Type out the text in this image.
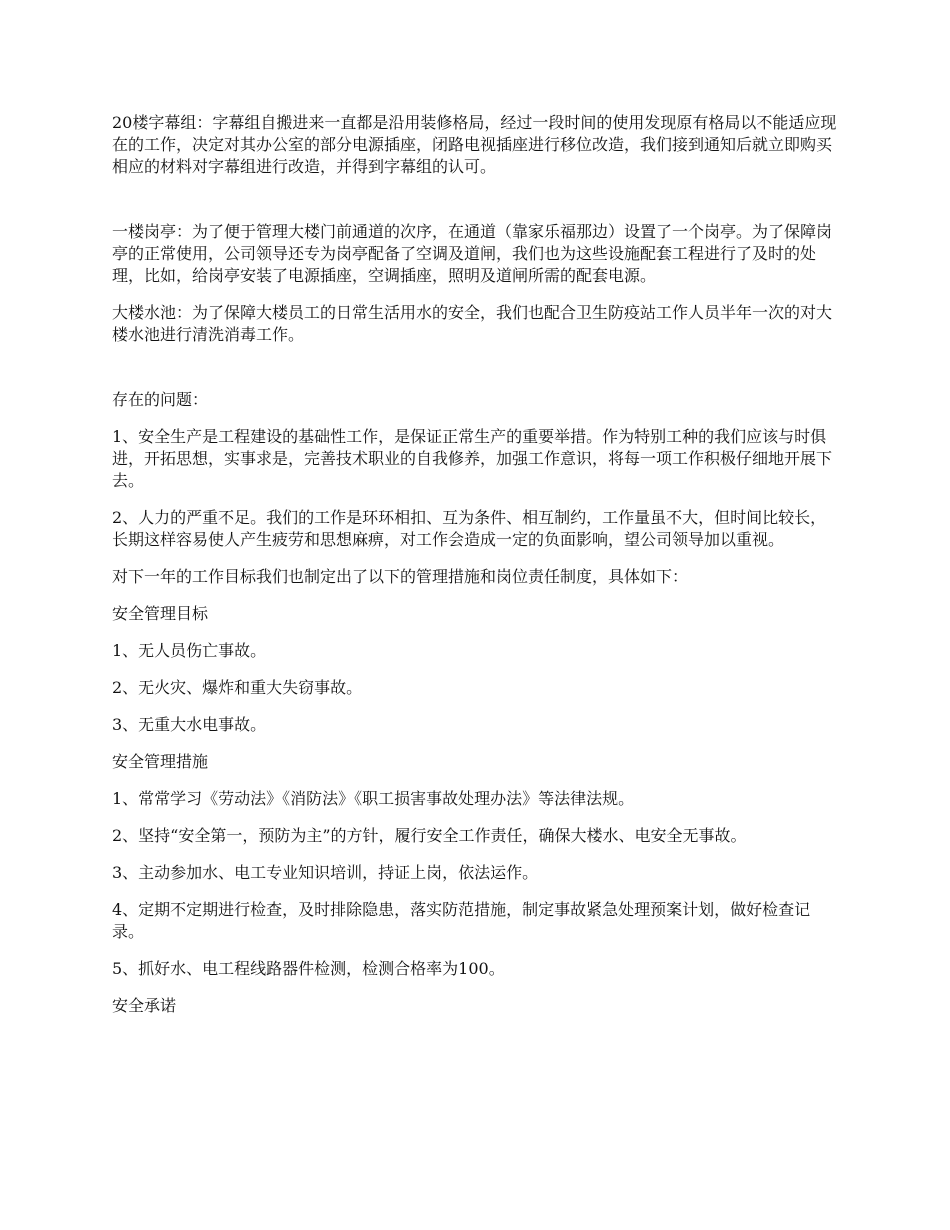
20楼字幕组：字幕组自搬进来一直都是沿用装修格局，经过一段时间的使用发现原有格局以不能适应现在的工作，决定对其办公室的部分电源插座，闭路电视插座进行移位改造，我们接到通知后就立即购买相应的材料对字幕组进行改造，并得到字幕组的认可。

一楼岗亭：为了便于管理大楼门前通道的次序，在通道（靠家乐福那边）设置了一个岗亭。为了保障岗亭的正常使用，公司领导还专为岗亭配备了空调及道闸，我们也为这些设施配套工程进行了及时的处理，比如，给岗亭安装了电源插座，空调插座，照明及道闸所需的配套电源。

大楼水池：为了保障大楼员工的日常生活用水的安全，我们也配合卫生防疫站工作人员半年一次的对大楼水池进行清洗消毒工作。

存在的问题：

1、安全生产是工程建设的基础性工作，是保证正常生产的重要举措。作为特别工种的我们应该与时俱进，开拓思想，实事求是，完善技术职业的自我修养，加强工作意识，将每一项工作积极仔细地开展下去。

2、人力的严重不足。我们的工作是环环相扣、互为条件、相互制约，工作量虽不大，但时间比较长，长期这样容易使人产生疲劳和思想麻痹，对工作会造成一定的负面影响，望公司领导加以重视。

对下一年的工作目标我们也制定出了以下的管理措施和岗位责任制度，具体如下：

安全管理目标

1、无人员伤亡事故。

2、无火灾、爆炸和重大失窃事故。

3、无重大水电事故。

安全管理措施

1、常常学习《劳动法》《消防法》《职工损害事故处理办法》等法律法规。

2、坚持“安全第一，预防为主”的方针，履行安全工作责任，确保大楼水、电安全无事故。

3、主动参加水、电工专业知识培训，持证上岗，依法运作。

4、定期不定期进行检查，及时排除隐患，落实防范措施，制定事故紧急处理预案计划，做好检查记录。

5、抓好水、电工程线路器件检测，检测合格率为100。

安全承诺
